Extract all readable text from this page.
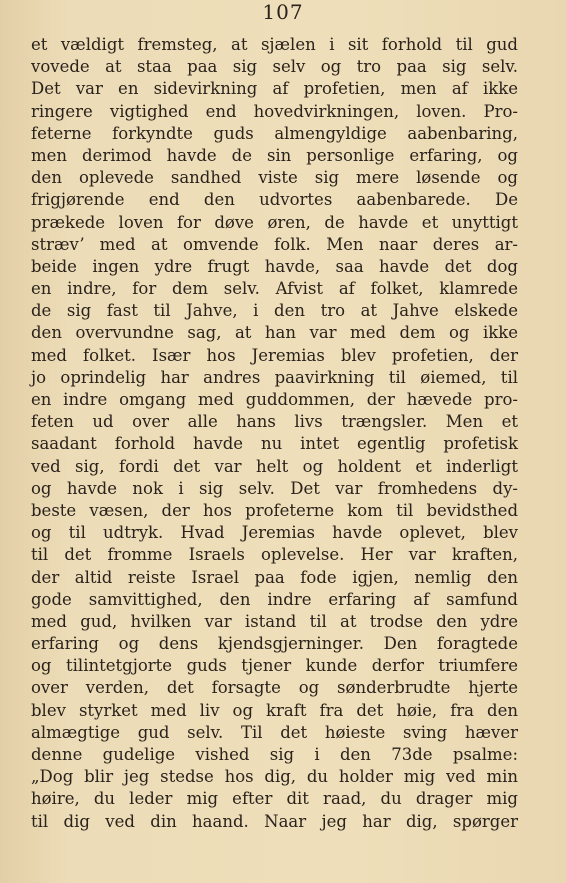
107
et vældigt fremsteg, at sjælen i sit forhold til gud
vovede at staa paa sig selv og tro paa sig selv.
Det var en sidevirkning af profetien, men af ikke
ringere vigtighed end hovedvirkningen, loven. Pro-
feterne forkyndte guds almengyldige aabenbaring,
men derimod havde de sin personlige erfaring, og
den oplevede sandhed viste sig mere løsende og
frigjørende end den udvortes aabenbarede. De
prækede loven for døve øren, de havde et unyttigt
strævʼ med at omvende folk. Men naar deres ar-
beide ingen ydre frugt havde, saa havde det dog
en indre, for dem selv. Afvist af folket, klamrede
de sig fast til Jahve, i den tro at Jahve elskede
den overvundne sag, at han var med dem og ikke
med folket. Især hos Jeremias blev profetien, der
jo oprindelig har andres paavirkning til øiemed, til
en indre omgang med guddommen, der hævede pro-
feten ud over alle hans livs trængsler. Men et
saadant forhold havde nu intet egentlig profetisk
ved sig, fordi det var helt og holdent et inderligt
og havde nok i sig selv. Det var fromhedens dy-
beste væsen, der hos profeterne kom til bevidsthed
og til udtryk. Hvad Jeremias havde oplevet, blev
til det fromme Israels oplevelse. Her var kraften,
der altid reiste Israel paa fode igjen, nemlig den
gode samvittighed, den indre erfaring af samfund
med gud, hvilken var istand til at trodse den ydre
erfaring og dens kjendsgjerninger. Den foragtede
og tilintetgjorte guds tjener kunde derfor triumfere
over verden, det forsagte og sønderbrudte hjerte
blev styrket med liv og kraft fra det høie, fra den
almægtige gud selv. Til det høieste sving hæver
denne gudelige vished sig i den 73de psalme:
„Dog blir jeg stedse hos dig, du holder mig ved min
høire, du leder mig efter dit raad, du drager mig
til dig ved din haand. Naar jeg har dig, spørger
